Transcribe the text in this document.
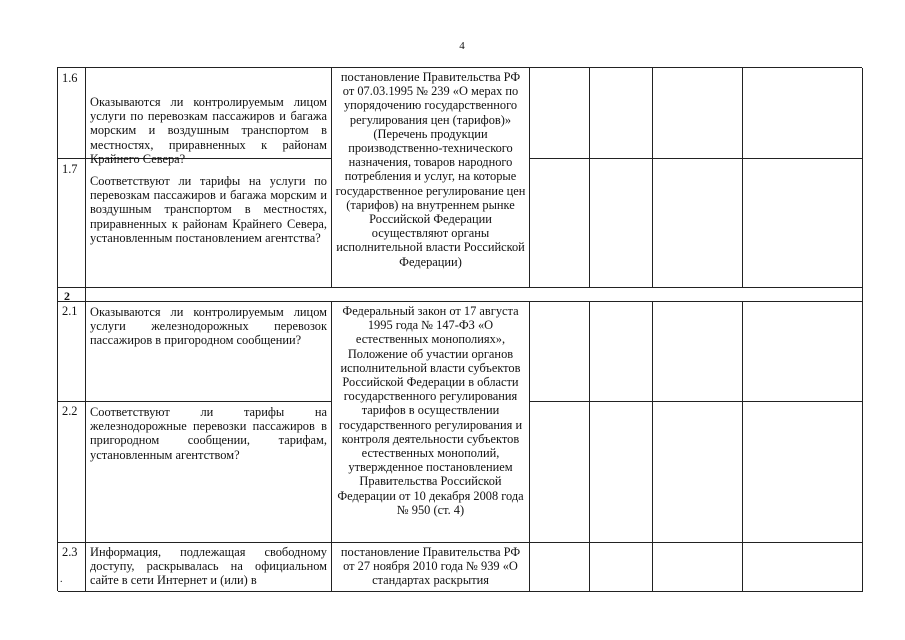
4
1.6
Оказываются ли контролируемым лицом услуги по перевозкам пассажиров и багажа морским и воздушным транспортом в местностях, приравненных к районам Крайнего Севера?
1.7
Соответствуют ли тарифы на услуги по перевозкам пассажиров и багажа морским и воздушным транспортом в местностях, приравненных к районам Крайнего Севера, установленным постановлением агентства?
постановление Правительства РФ от 07.03.1995 № 239 «О мерах по упорядочению государственного регулирования цен (тарифов)» (Перечень продукции производственно-технического назначения, товаров народного потребления и услуг, на которые государственное регулирование цен (тарифов) на внутреннем рынке Российской Федерации осуществляют органы исполнительной власти Российской Федерации)
2
2.1	Оказываются ли контролируемым лицом услуги железнодорожных перевозок пассажиров в пригородном сообщении?
2.2	Соответствуют ли тарифы на железнодорожные перевозки пассажиров в пригородном сообщении, тарифам, установленным агентством?
Федеральный закон от 17 августа 1995 года № 147-ФЗ «О естественных монополиях», Положение об участии органов исполнительной власти субъектов Российской Федерации в области государственного регулирования тарифов в осуществлении государственного регулирования и контроля деятельности субъектов естественных монополий, утвержденное постановлением Правительства Российской Федерации от 10 декабря 2008 года № 950 (ст. 4)
2.3
.
Информация, подлежащая свободному доступу, раскрывалась на официальном сайте в сети Интернет и (или) в
постановление Правительства РФ от 27 ноября 2010 года № 939 «О стандартах раскрытия
